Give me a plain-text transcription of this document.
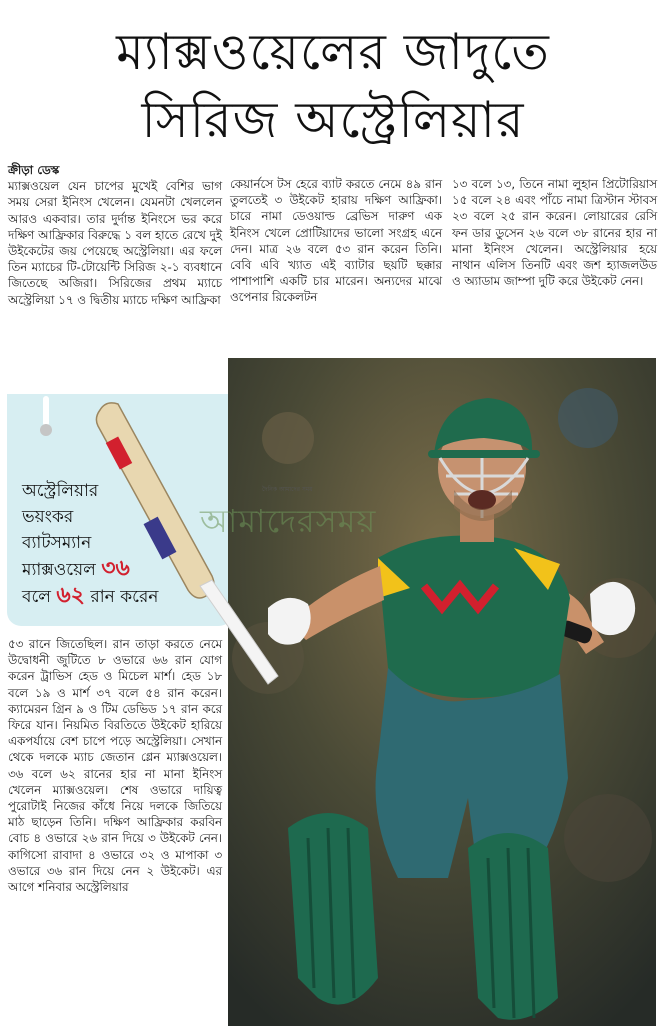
ম্যাক্সওয়েলের জাদুতে
সিরিজ অস্ট্রেলিয়ার

ক্রীড়া ডেস্ক

ম্যাক্সওয়েল যেন চাপের মুখেই বেশির ভাগ সময় সেরা ইনিংস খেলেন। যেমনটা খেললেন আরও একবার। তার দুর্দান্ত ইনিংসে ভর করে দক্ষিণ আফ্রিকার বিরুদ্ধে ১ বল হাতে রেখে দুই উইকেটের জয় পেয়েছে অস্ট্রেলিয়া। এর ফলে তিন ম্যাচের টি-টোয়েন্টি সিরিজ ২-১ ব্যবধানে জিতেছে অজিরা। সিরিজের প্রথম ম্যাচে অস্ট্রেলিয়া ১৭ ও দ্বিতীয় ম্যাচে দক্ষিণ আফ্রিকা

কেয়ার্নসে টস হেরে ব্যাট করতে নেমে ৪৯ রান তুলতেই ৩ উইকেট হারায় দক্ষিণ আফ্রিকা। চারে নামা ডেওয়াল্ড ব্রেভিস দারুণ এক ইনিংস খেলে প্রোটিয়াদের ভালো সংগ্রহ এনে দেন। মাত্র ২৬ বলে ৫৩ রান করেন তিনি। বেবি এবি খ্যাত এই ব্যাটার ছয়টি ছক্কার পাশাপাশি একটি চার মারেন। অন্যদের মাঝে ওপেনার রিকেলটন

১৩ বলে ১৩, তিনে নামা লুহান প্রিটোরিয়াস ১৫ বলে ২৪ এবং পাঁচে নামা ত্রিস্টান স্টাবস ২৩ বলে ২৫ রান করেন। লোয়ারের রেসি ফন ডার ডুসেন ২৬ বলে ৩৮ রানের হার না মানা ইনিংস খেলেন। অস্ট্রেলিয়ার হয়ে নাথান এলিস তিনটি এবং জশ হ্যাজলউড ও অ্যাডাম জাম্পা দুটি করে উইকেট নেন।

দৈনিক আমাদের সময়
আমাদেরসময়
অস্ট্রেলিয়ার
ভয়ংকর
ব্যাটসম্যান
ম্যাক্সওয়েল ৩৬
বলে ৬২ রান করেন

৫৩ রানে জিতেছিল। রান তাড়া করতে নেমে উদ্বোধনী জুটিতে ৮ ওভারে ৬৬ রান যোগ করেন ট্রাভিস হেড ও মিচেল মার্শ। হেড ১৮ বলে ১৯ ও মার্শ ৩৭ বলে ৫৪ রান করেন। ক্যামেরন গ্রিন ৯ ও টিম ডেভিড ১৭ রান করে ফিরে যান। নিয়মিত বিরতিতে উইকেট হারিয়ে একপর্যায়ে বেশ চাপে পড়ে অস্ট্রেলিয়া। সেখান থেকে দলকে ম্যাচ জেতান গ্লেন ম্যাক্সওয়েল। ৩৬ বলে ৬২ রানের হার না মানা ইনিংস খেলেন ম্যাক্সওয়েল। শেষ ওভারে দায়িত্ব পুরোটাই নিজের কাঁধে নিয়ে দলকে জিতিয়ে মাঠ ছাড়েন তিনি। দক্ষিণ আফ্রিকার করবিন বোচ ৪ ওভারে ২৬ রান দিয়ে ৩ উইকেট নেন। কাগিসো রাবাদা ৪ ওভারে ৩২ ও মাপাকা ৩ ওভারে ৩৬ রান দিয়ে নেন ২ উইকেট। এর আগে শনিবার অস্ট্রেলিয়ার
